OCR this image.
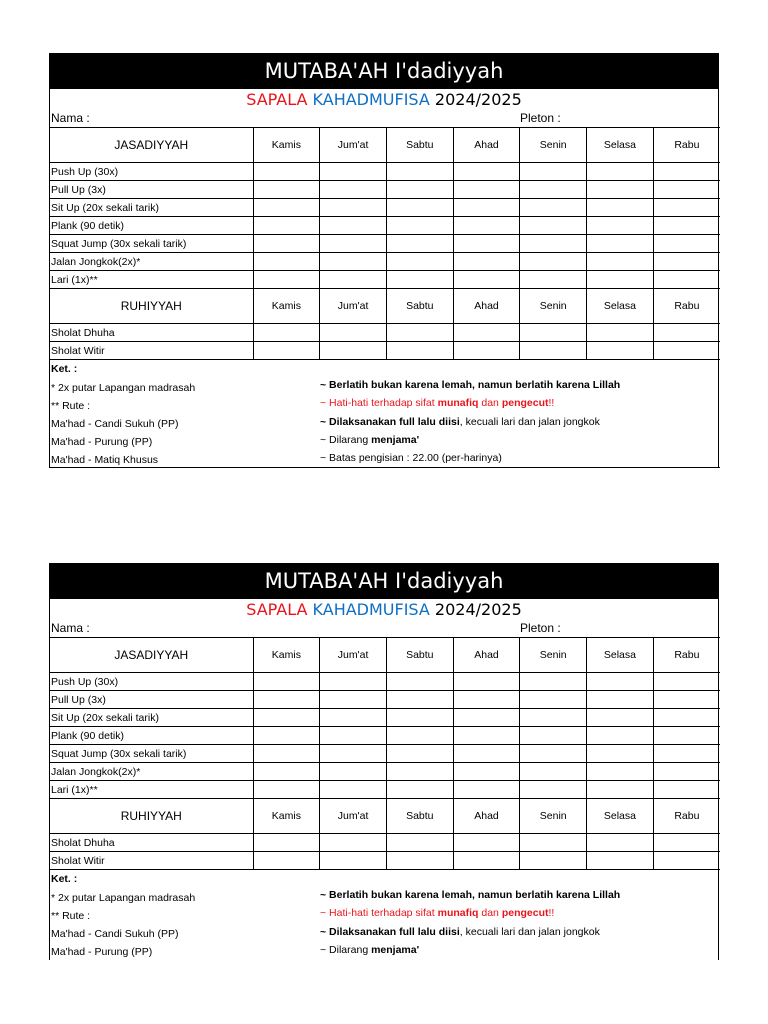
MUTABA'AH I'dadiyyah
SAPALA KAHADMUFISA 2024/2025
Nama :	Pleton :
JASADIYYAH	Kamis	Jum'at	Sabtu	Ahad	Senin	Selasa	Rabu
Push Up (30x)							
Pull Up (3x)							
Sit Up (20x sekali tarik)							
Plank (90 detik)							
Squat Jump (30x sekali tarik)							
Jalan Jongkok(2x)*							
Lari (1x)**							
RUHIYYAH	Kamis	Jum'at	Sabtu	Ahad	Senin	Selasa	Rabu
Sholat Dhuha							
Sholat Witir							
Ket. :
* 2x putar Lapangan madrasah
** Rute :
Ma'had - Candi Sukuh (PP)
Ma'had - Purung (PP)
Ma'had - Matiq Khusus
~ Berlatih bukan karena lemah, namun berlatih karena Lillah
~ Hati-hati terhadap sifat munafiq dan pengecut!!
~ Dilaksanakan full lalu diisi, kecuali lari dan jalan jongkok
~ Dilarang menjama'
~ Batas pengisian : 22.00 (per-harinya)
MUTABA'AH I'dadiyyah
SAPALA KAHADMUFISA 2024/2025
Nama :	Pleton :
JASADIYYAH	Kamis	Jum'at	Sabtu	Ahad	Senin	Selasa	Rabu
Push Up (30x)							
Pull Up (3x)							
Sit Up (20x sekali tarik)							
Plank (90 detik)							
Squat Jump (30x sekali tarik)							
Jalan Jongkok(2x)*							
Lari (1x)**							
RUHIYYAH	Kamis	Jum'at	Sabtu	Ahad	Senin	Selasa	Rabu
Sholat Dhuha							
Sholat Witir							
Ket. :
* 2x putar Lapangan madrasah
** Rute :
Ma'had - Candi Sukuh (PP)
Ma'had - Purung (PP)
~ Berlatih bukan karena lemah, namun berlatih karena Lillah
~ Hati-hati terhadap sifat munafiq dan pengecut!!
~ Dilaksanakan full lalu diisi, kecuali lari dan jalan jongkok
~ Dilarang menjama'
